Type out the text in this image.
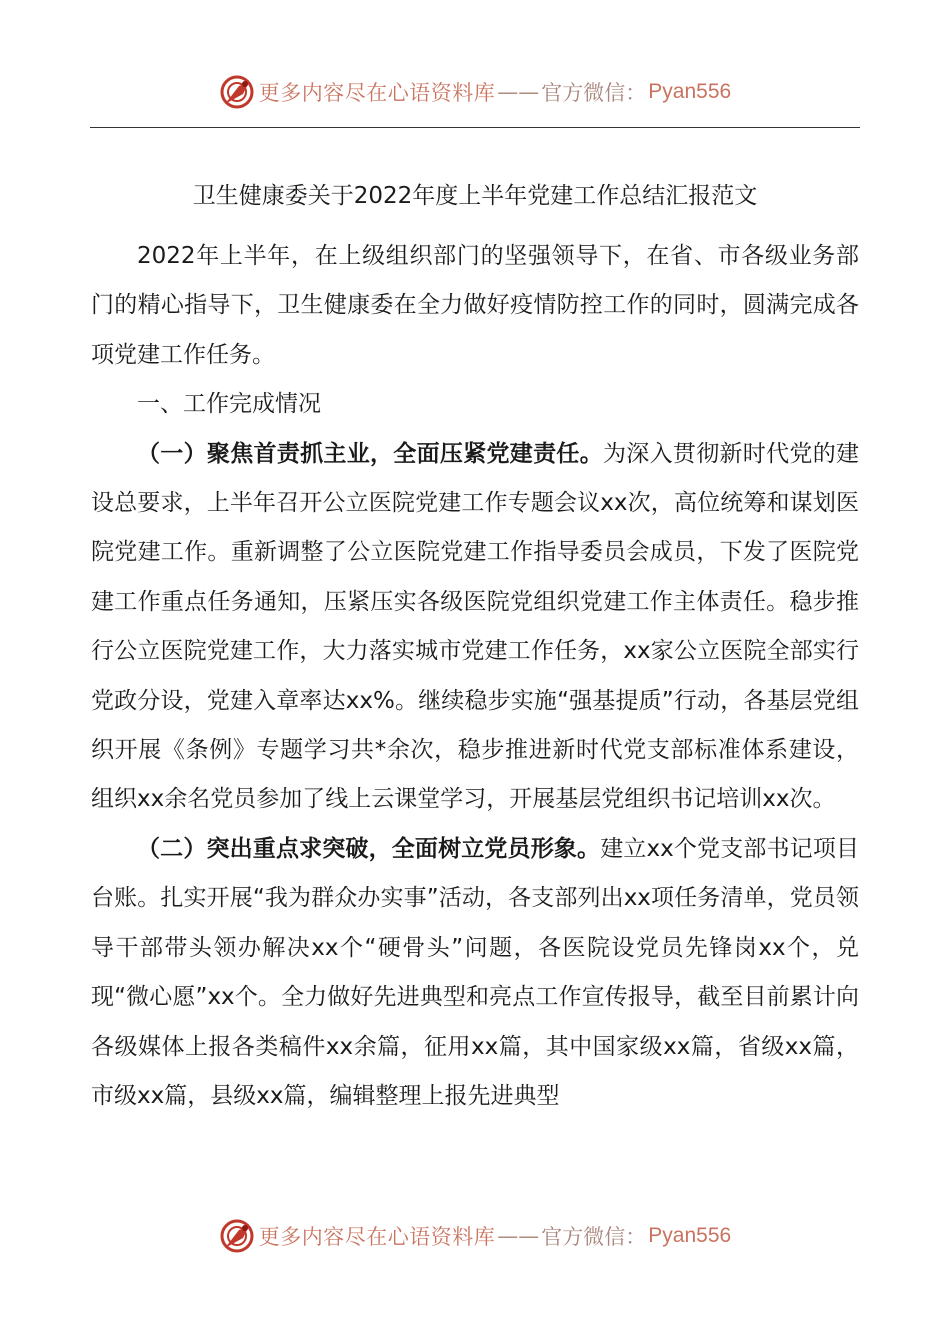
更多内容尽在心语资料库 —— 官方微信： Pyan556
卫生健康委关于2022年度上半年党建工作总结汇报范文

2022年上半年，在上级组织部门的坚强领导下，在省、市各级业务部门的精心指导下，卫生健康委在全力做好疫情防控工作的同时，圆满完成各项党建工作任务。

一、工作完成情况

（一）聚焦首责抓主业，全面压紧党建责任。为深入贯彻新时代党的建设总要求，上半年召开公立医院党建工作专题会议xx次，高位统筹和谋划医院党建工作。重新调整了公立医院党建工作指导委员会成员，下发了医院党建工作重点任务通知，压紧压实各级医院党组织党建工作主体责任。稳步推行公立医院党建工作，大力落实城市党建工作任务，xx家公立医院全部实行党政分设，党建入章率达xx%。继续稳步实施“强基提质”行动，各基层党组织开展《条例》专题学习共*余次，稳步推进新时代党支部标准体系建设，组织xx余名党员参加了线上云课堂学习，开展基层党组织书记培训xx次。

（二）突出重点求突破，全面树立党员形象。建立xx个党支部书记项目台账。扎实开展“我为群众办实事”活动，各支部列出xx项任务清单，党员领导干部带头领办解决xx个“硬骨头”问题，各医院设党员先锋岗xx个，兑现“微心愿”xx个。全力做好先进典型和亮点工作宣传报导，截至目前累计向各级媒体上报各类稿件xx余篇，征用xx篇，其中国家级xx篇，省级xx篇，市级xx篇，县级xx篇，编辑整理上报先进典型

更多内容尽在心语资料库 —— 官方微信： Pyan556
